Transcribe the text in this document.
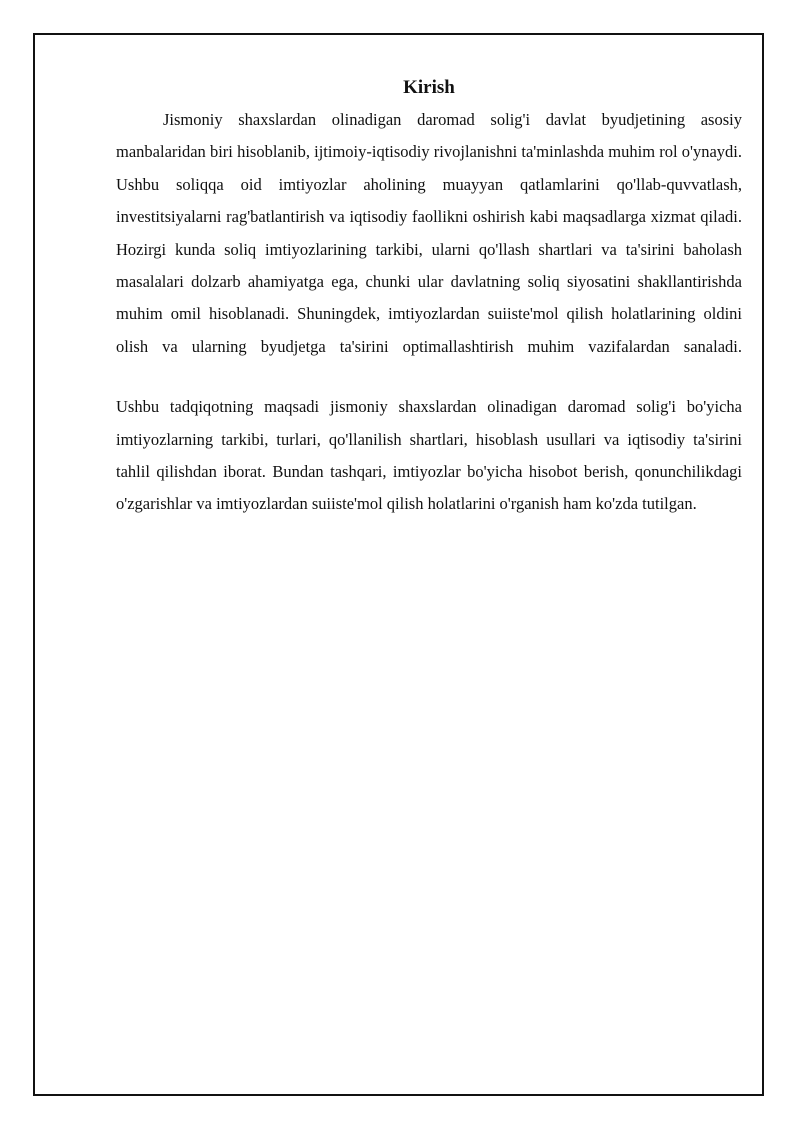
Kirish

Jismoniy shaxslardan olinadigan daromad solig'i davlat byudjetining asosiy manbalaridan biri hisoblanib, ijtimoiy-iqtisodiy rivojlanishni ta'minlashda muhim rol o'ynaydi. Ushbu soliqqa oid imtiyozlar aholining muayyan qatlamlarini qo'llab-quvvatlash, investitsiyalarni rag'batlantirish va iqtisodiy faollikni oshirish kabi maqsadlarga xizmat qiladi. Hozirgi kunda soliq imtiyozlarining tarkibi, ularni qo'llash shartlari va ta'sirini baholash masalalari dolzarb ahamiyatga ega, chunki ular davlatning soliq siyosatini shakllantirishda muhim omil hisoblanadi. Shuningdek, imtiyozlardan suiiste'mol qilish holatlarining oldini olish va ularning byudjetga ta'sirini optimallashtirish muhim vazifalardan sanaladi.

Ushbu tadqiqotning maqsadi jismoniy shaxslardan olinadigan daromad solig'i bo'yicha imtiyozlarning tarkibi, turlari, qo'llanilish shartlari, hisoblash usullari va iqtisodiy ta'sirini tahlil qilishdan iborat. Bundan tashqari, imtiyozlar bo'yicha hisobot berish, qonunchilikdagi o'zgarishlar va imtiyozlardan suiiste'mol qilish holatlarini o'rganish ham ko'zda tutilgan.
